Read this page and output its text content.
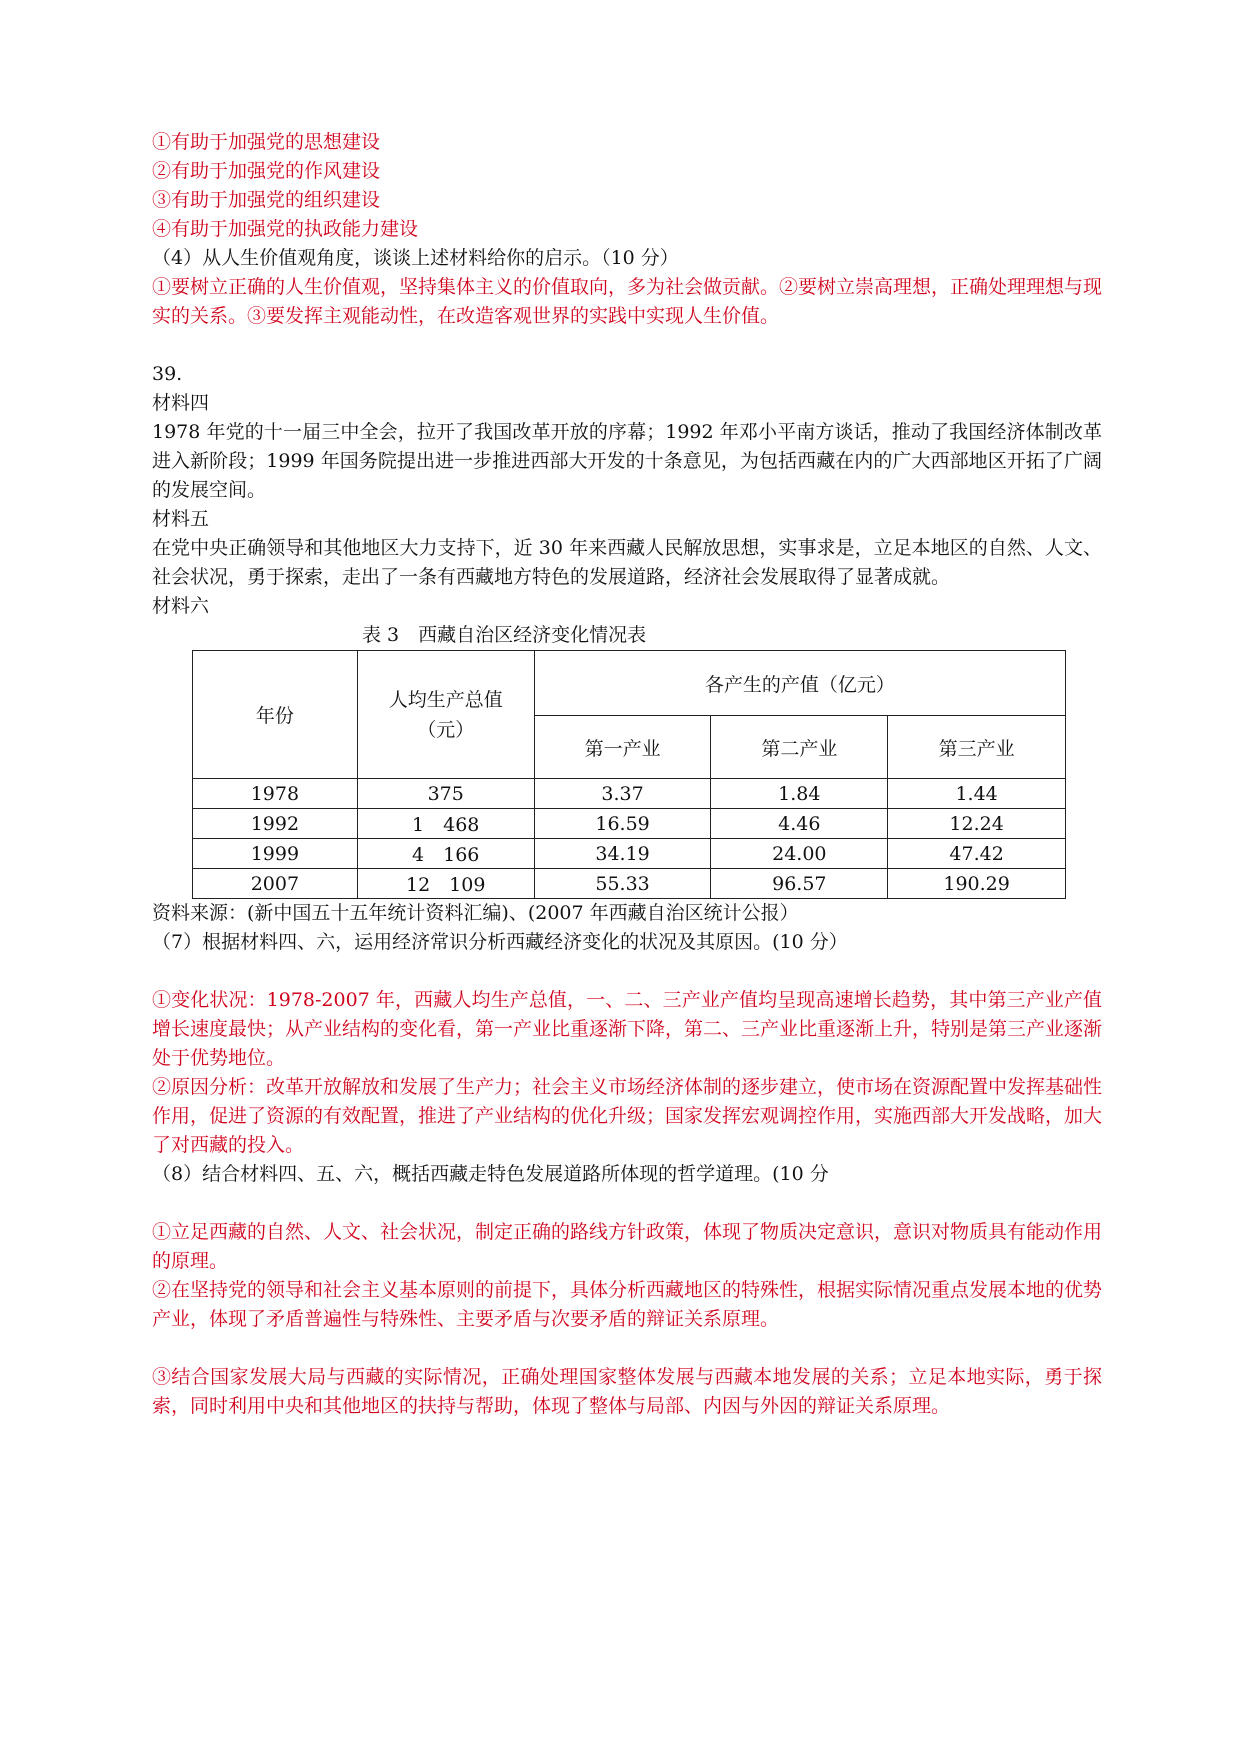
①有助于加强党的思想建设
②有助于加强党的作风建设
③有助于加强党的组织建设
④有助于加强党的执政能力建设
（4）从人生价值观角度，谈谈上述材料给你的启示。（10 分）
①要树立正确的人生价值观，坚持集体主义的价值取向，多为社会做贡献。②要树立崇高理想，正确处理理想与现实的关系。③要发挥主观能动性，在改造客观世界的实践中实现人生价值。
39.
材料四
1978 年党的十一届三中全会，拉开了我国改革开放的序幕；1992 年邓小平南方谈话，推动了我国经济体制改革进入新阶段；1999 年国务院提出进一步推进西部大开发的十条意见，为包括西藏在内的广大西部地区开拓了广阔的发展空间。
材料五
在党中央正确领导和其他地区大力支持下，近 30 年来西藏人民解放思想，实事求是，立足本地区的自然、人文、社会状况，勇于探索，走出了一条有西藏地方特色的发展道路，经济社会发展取得了显著成就。
材料六
表 3　西藏自治区经济变化情况表
年份	人均生产总值（元）	各产生的产值（亿元）		
		第一产业	第二产业	第三产业
1978	375	3.37	1.84	1.44
1992	1　468	16.59	4.46	12.24
1999	4　166	34.19	24.00	47.42
2007	12　109	55.33	96.57	190.29
资料来源：(新中国五十五年统计资料汇编)、(2007 年西藏自治区统计公报）
（7）根据材料四、六，运用经济常识分析西藏经济变化的状况及其原因。(10 分）
①变化状况：1978-2007 年，西藏人均生产总值，一、二、三产业产值均呈现高速增长趋势，其中第三产业产值增长速度最快；从产业结构的变化看，第一产业比重逐渐下降，第二、三产业比重逐渐上升，特别是第三产业逐渐处于优势地位。
②原因分析：改革开放解放和发展了生产力；社会主义市场经济体制的逐步建立，使市场在资源配置中发挥基础性作用，促进了资源的有效配置，推进了产业结构的优化升级；国家发挥宏观调控作用，实施西部大开发战略，加大了对西藏的投入。
（8）结合材料四、五、六，概括西藏走特色发展道路所体现的哲学道理。(10 分
①立足西藏的自然、人文、社会状况，制定正确的路线方针政策，体现了物质决定意识，意识对物质具有能动作用的原理。
②在坚持党的领导和社会主义基本原则的前提下，具体分析西藏地区的特殊性，根据实际情况重点发展本地的优势产业，体现了矛盾普遍性与特殊性、主要矛盾与次要矛盾的辩证关系原理。
③结合国家发展大局与西藏的实际情况，正确处理国家整体发展与西藏本地发展的关系；立足本地实际，勇于探索，同时利用中央和其他地区的扶持与帮助，体现了整体与局部、内因与外因的辩证关系原理。
